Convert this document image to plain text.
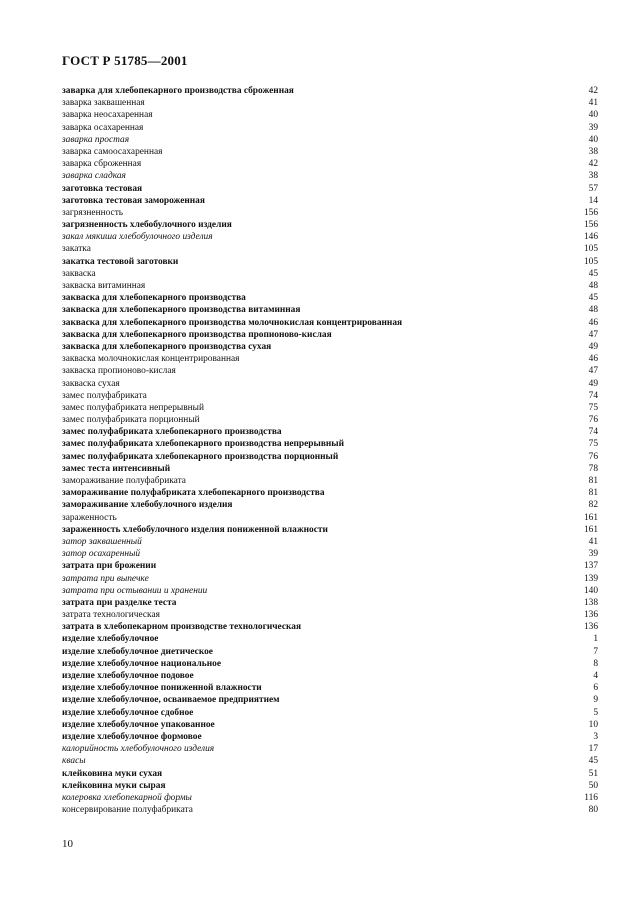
ГОСТ Р 51785—2001
заварка для хлебопекарного производства сброженная	42
заварка заквашенная	41
заварка неосахаренная	40
заварка осахаренная	39
заварка простая	40
заварка самоосахаренная	38
заварка сброженная	42
заварка сладкая	38
заготовка тестовая	57
заготовка тестовая замороженная	14
загрязненность	156
загрязненность хлебобулочного изделия	156
закал мякиша хлебобулочного изделия	146
закатка	105
закатка тестовой заготовки	105
закваска	45
закваска витаминная	48
закваска для хлебопекарного производства	45
закваска для хлебопекарного производства витаминная	48
закваска для хлебопекарного производства молочнокислая концентрированная	46
закваска для хлебопекарного производства пропионово-кислая	47
закваска для хлебопекарного производства сухая	49
закваска молочнокислая концентрированная	46
закваска пропионово-кислая	47
закваска сухая	49
замес полуфабриката	74
замес полуфабриката непрерывный	75
замес полуфабриката порционный	76
замес полуфабриката хлебопекарного производства	74
замес полуфабриката хлебопекарного производства непрерывный	75
замес полуфабриката хлебопекарного производства порционный	76
замес теста интенсивный	78
замораживание полуфабриката	81
замораживание полуфабриката хлебопекарного производства	81
замораживание хлебобулочного изделия	82
зараженность	161
зараженность хлебобулочного изделия пониженной влажности	161
затор заквашенный	41
затор осахаренный	39
затрата при брожении	137
затрата при выпечке	139
затрата при остывании и хранении	140
затрата при разделке теста	138
затрата технологическая	136
затрата в хлебопекарном производстве технологическая	136
изделие хлебобулочное	1
изделие хлебобулочное диетическое	7
изделие хлебобулочное национальное	8
изделие хлебобулочное подовое	4
изделие хлебобулочное пониженной влажности	6
изделие хлебобулочное, осваиваемое предприятием	9
изделие хлебобулочное сдобное	5
изделие хлебобулочное упакованное	10
изделие хлебобулочное формовое	3
калорийность хлебобулочного изделия	17
квасы	45
клейковина муки сухая	51
клейковина муки сырая	50
колеровка хлебопекарной формы	116
консервирование полуфабриката	80
10
